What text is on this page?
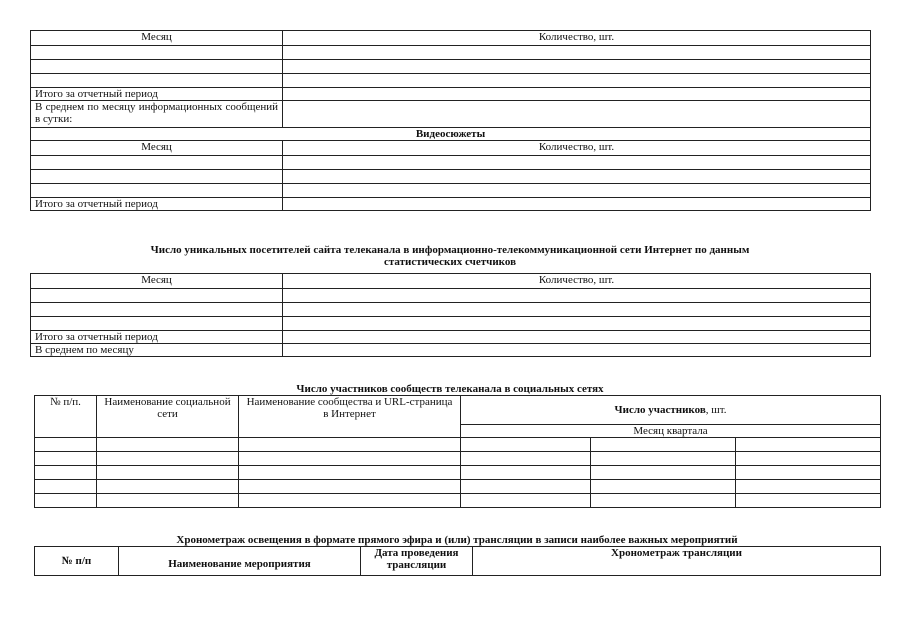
Месяц	Количество, шт.

Итого за отчетный период	
В среднем по месяцу информационных сообщений в сутки:	
Видеосюжеты	
Месяц	Количество, шт.

Итого за отчетный период	
Число уникальных посетителей сайта телеканала в информационно-телекоммуникационной сети Интернет по данным
статистических счетчиков
Месяц	Количество, шт.

Итого за отчетный период	
В среднем по месяцу	
Число участников сообществ телеканала в социальных сетях
№ п/п.	Наименование социальной сети	Наименование сообщества и URL-страница в Интернет	Число участников, шт.		
			Месяц квартала		

Хронометраж освещения в формате прямого эфира и (или) трансляции в записи наиболее важных мероприятий
№ п/п	Наименование мероприятия	Дата проведения трансляции	Хронометраж трансляции
